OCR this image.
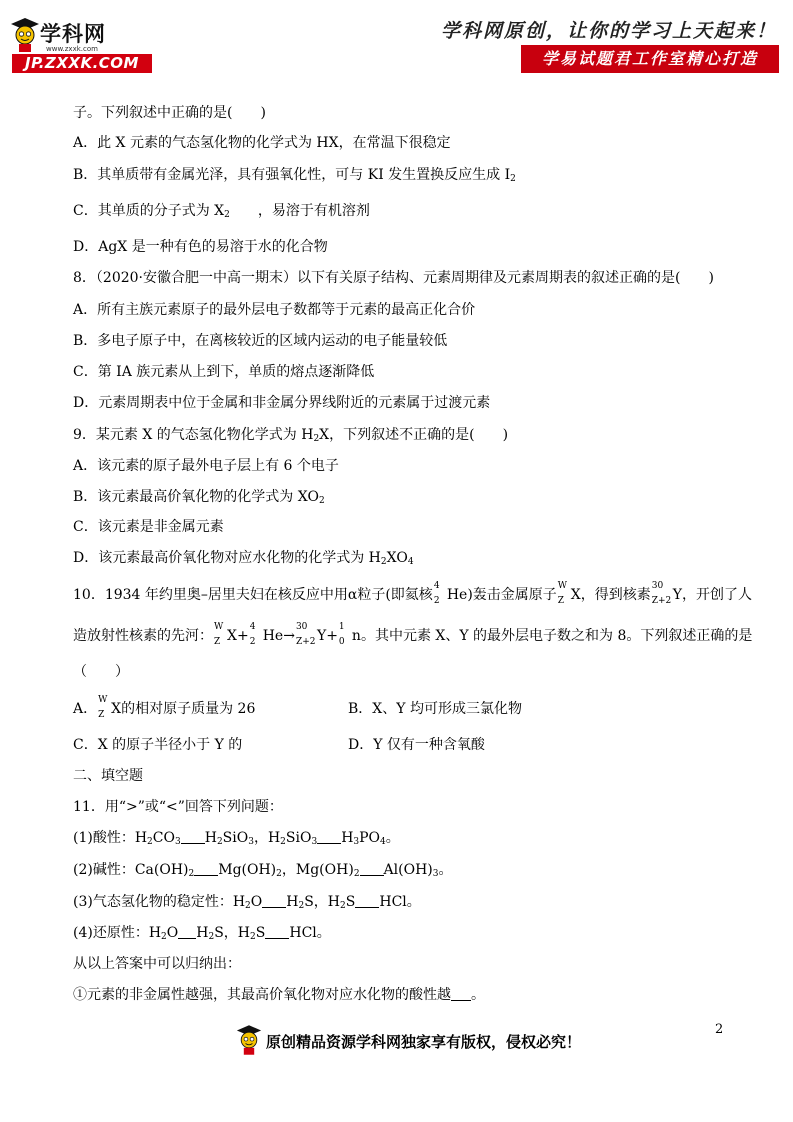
学科网
www.zxxk.com
JP.ZXXK.COM
学科网原创，让你的学习上天起来！
学易试题君工作室精心打造
子。下列叙述中正确的是(　　)
A．此 X 元素的气态氢化物的化学式为 HX，在常温下很稳定
B．其单质带有金属光泽，具有强氧化性，可与 KI 发生置换反应生成 $I_2$
C．其单质的分子式为 $X_2$　　，易溶于有机溶剂
D．AgX 是一种有色的易溶于水的化合物
8．（2020·安徽合肥一中高一期末）以下有关原子结构、元素周期律及元素周期表的叙述正确的是(　　)
A．所有主族元素原子的最外层电子数都等于元素的最高正化合价
B．多电子原子中，在离核较近的区域内运动的电子能量较低
C．第 IA 族元素从上到下，单质的熔点逐渐降低
D．元素周期表中位于金属和非金属分界线附近的元素属于过渡元素
9．某元素 X 的气态氢化物化学式为 $H_2X$，下列叙述不正确的是(　　)
A．该元素的原子最外电子层上有 6 个电子
B．该元素最高价氧化物的化学式为 $XO_2$
C．该元素是非金属元素
D．该元素最高价氧化物对应水化物的化学式为 $H_2XO_4$
10．1934 年约里奥–居里夫妇在核反应中用α粒子(即氦核
4
2 He)轰击金属原子
W
Z X，得到核素
30
Z+2 Y，开创了人
造放射性核素的先河：
W
Z X+
4
2 He→
30
Z+2 Y+
1
0 n。其中元素 X、Y 的最外层电子数之和为 8。下列叙述正确的是
（　　）
A．
W
Z X的相对原子质量为 26	B．X、Y 均可形成三氯化物
C．X 的原子半径小于 Y 的	D．Y 仅有一种含氧酸
二、填空题
11．用“>”或“<”回答下列问题：
(1)酸性：$H_2CO_3$ $H_2SiO_3$，$H_2SiO_3$ $H_3PO_4$。
(2)碱性：$Ca(OH)_2$ $Mg(OH)_2$，$Mg(OH)_2$ $Al(OH)_3$。
(3)气态氢化物的稳定性：$H_2O$ $H_2S$，$H_2S$ HCl。
(4)还原性：$H_2O$ $H_2S$，$H_2S$ HCl。
从以上答案中可以归纳出：
①元素的非金属性越强，其最高价氧化物对应水化物的酸性越 。
2
原创精品资源学科网独家享有版权，侵权必究！
